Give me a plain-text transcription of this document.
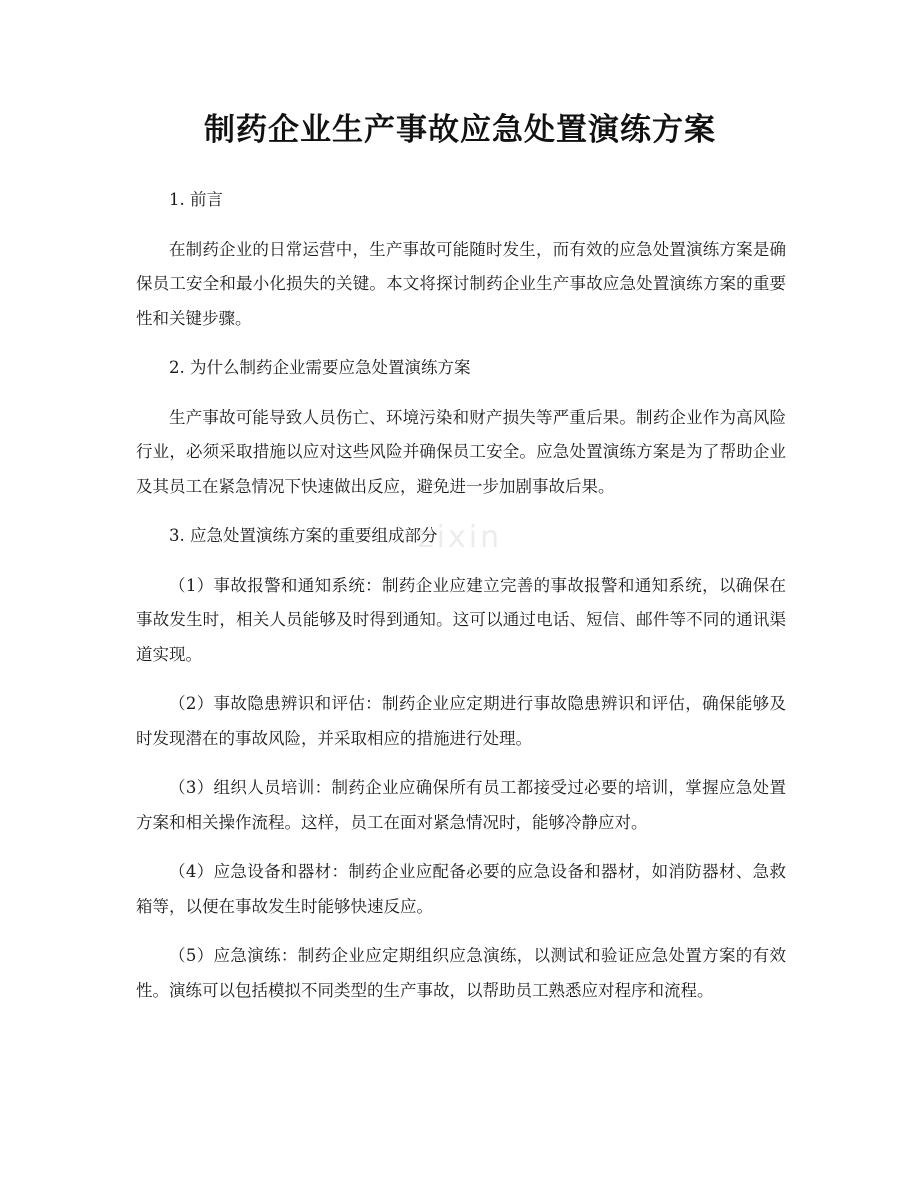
制药企业生产事故应急处置演练方案
zixin
1. 前言
在制药企业的日常运营中，生产事故可能随时发生，而有效的应急处置演练方案是确保员工安全和最小化损失的关键。本文将探讨制药企业生产事故应急处置演练方案的重要性和关键步骤。
2. 为什么制药企业需要应急处置演练方案
生产事故可能导致人员伤亡、环境污染和财产损失等严重后果。制药企业作为高风险行业，必须采取措施以应对这些风险并确保员工安全。应急处置演练方案是为了帮助企业及其员工在紧急情况下快速做出反应，避免进一步加剧事故后果。
3. 应急处置演练方案的重要组成部分
（1）事故报警和通知系统：制药企业应建立完善的事故报警和通知系统，以确保在事故发生时，相关人员能够及时得到通知。这可以通过电话、短信、邮件等不同的通讯渠道实现。
（2）事故隐患辨识和评估：制药企业应定期进行事故隐患辨识和评估，确保能够及时发现潜在的事故风险，并采取相应的措施进行处理。
（3）组织人员培训：制药企业应确保所有员工都接受过必要的培训，掌握应急处置方案和相关操作流程。这样，员工在面对紧急情况时，能够冷静应对。
（4）应急设备和器材：制药企业应配备必要的应急设备和器材，如消防器材、急救箱等，以便在事故发生时能够快速反应。
（5）应急演练：制药企业应定期组织应急演练，以测试和验证应急处置方案的有效性。演练可以包括模拟不同类型的生产事故，以帮助员工熟悉应对程序和流程。
